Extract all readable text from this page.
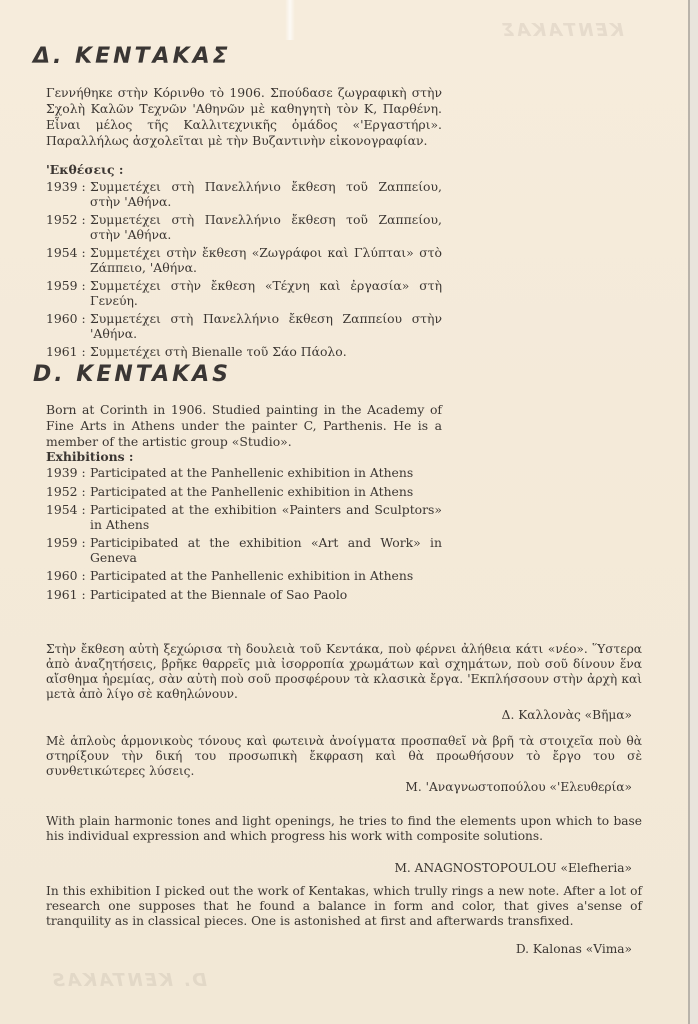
ΚΕΝΤΑΚΑΣ
D. KENTAKAS
Δ. ΚΕΝΤΑΚΑΣ
Γεννήθηκε στὴν Κόρινθο τὸ 1906. Σπούδασε ζωγραφικὴ στὴν Σχολὴ Καλῶν Τεχνῶν 'Αθηνῶν μὲ καθηγητὴ τὸν Κ, Παρθένη. Εἶναι μέλος τῆς Καλλιτεχνικῆς ὁμάδος «'Εργαστήρι». Παραλλήλως ἀσχολεῖται μὲ τὴν Βυζαντινὴν εἰκονογραφίαν.
'Εκθέσεις :
1939 : Συμμετέχει στὴ Πανελλήνιο ἔκθεση τοῦ Ζαππείου, στὴν 'Αθήνα.
1952 : Συμμετέχει στὴ Πανελλήνιο ἔκθεση τοῦ Ζαππείου, στὴν 'Αθήνα.
1954 : Συμμετέχει στὴν ἔκθεση «Ζωγράφοι καὶ Γλύπται» στὸ Ζάππειο, 'Αθήνα.
1959 : Συμμετέχει στὴν ἔκθεση «Τέχνη καὶ ἐργασία» στὴ Γενεύη.
1960 : Συμμετέχει στὴ Πανελλήνιο ἔκθεση Ζαππείου στὴν 'Αθήνα.
1961 : Συμμετέχει στὴ Bienalle τοῦ Σάο Πάολο.
D. KENTAKAS
Born at Corinth in 1906. Studied painting in the Academy of Fine Arts in Athens under the painter C, Parthenis. He is a member of the artistic group «Studio».
Exhibitions :
1939 : Participated at the Panhellenic exhibition in Athens
1952 : Participated at the Panhellenic exhibition in Athens
1954 : Participated at the exhibition «Painters and Sculptors» in Athens
1959 : Participibated at the exhibition «Art and Work» in Geneva
1960 : Participated at the Panhellenic exhibition in Athens
1961 : Participated at the Biennale of Sao Paolo
Στὴν ἔκθεση αὐτὴ ξεχώρισα τὴ δουλειὰ τοῦ Κεντάκα, ποὺ φέρνει ἀλήθεια κάτι «νέο». Ὕστερα ἀπὸ ἀναζητήσεις, βρῆκε θαρρεῖς μιὰ ἰσορροπία χρωμάτων καὶ σχημάτων, ποὺ σοῦ δίνουν ἕνα αἴσθημα ἠρεμίας, σὰν αὐτὴ ποὺ σοῦ προσφέρουν τὰ κλασικὰ ἔργα. 'Εκπλήσσουν στὴν ἀρχὴ καὶ μετὰ ἀπὸ λίγο σὲ καθηλώνουν.
Δ. Καλλονὰς «Βῆμα»
Μὲ ἁπλοὺς ἁρμονικοὺς τόνους καὶ φωτεινὰ ἀνοίγματα προσπαθεῖ νὰ βρῆ τὰ στοιχεῖα ποὺ θὰ στηρίξουν τὴν δική του προσωπικὴ ἔκφραση καὶ θὰ προωθήσουν τὸ ἔργο του σὲ συνθετικώτερες λύσεις.
Μ. 'Αναγνωστοπούλου «'Ελευθερία»
With plain harmonic tones and light openings, he tries to find the elements upon which to base his individual expression and which progress his work with composite solutions.
M. ANAGNOSTOPOULOU «Elefheria»
In this exhibition I picked out the work of Kentakas, which trully rings a new note. After a lot of research one supposes that he found a balance in form and color, that gives a'sense of tranquility as in classical pieces. One is astonished at first and afterwards transfixed.
D. Kalonas «Vima»
